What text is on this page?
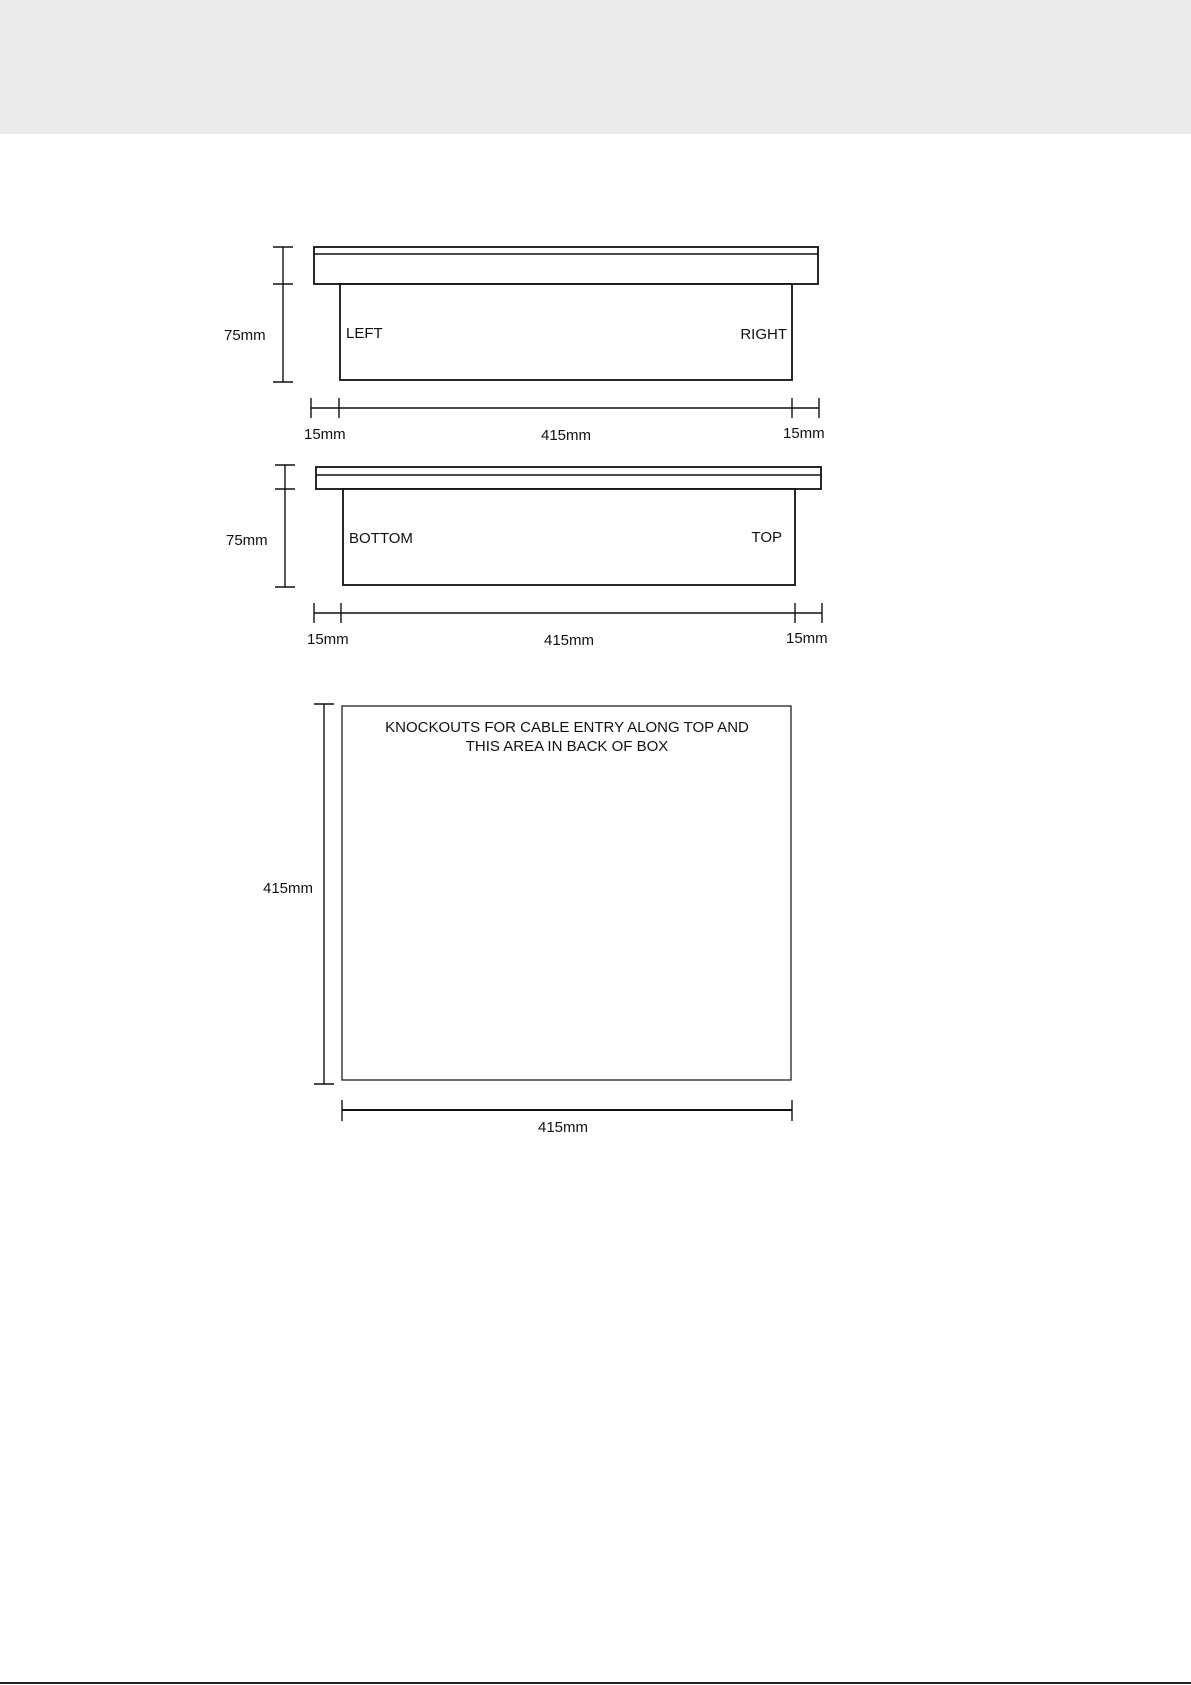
75mm	LEFT	RIGHT
15mm	415mm	15mm
75mm	BOTTOM	TOP
15mm	415mm	15mm
KNOCKOUTS FOR CABLE ENTRY ALONG TOP AND
THIS AREA IN BACK OF BOX
415mm
415mm
